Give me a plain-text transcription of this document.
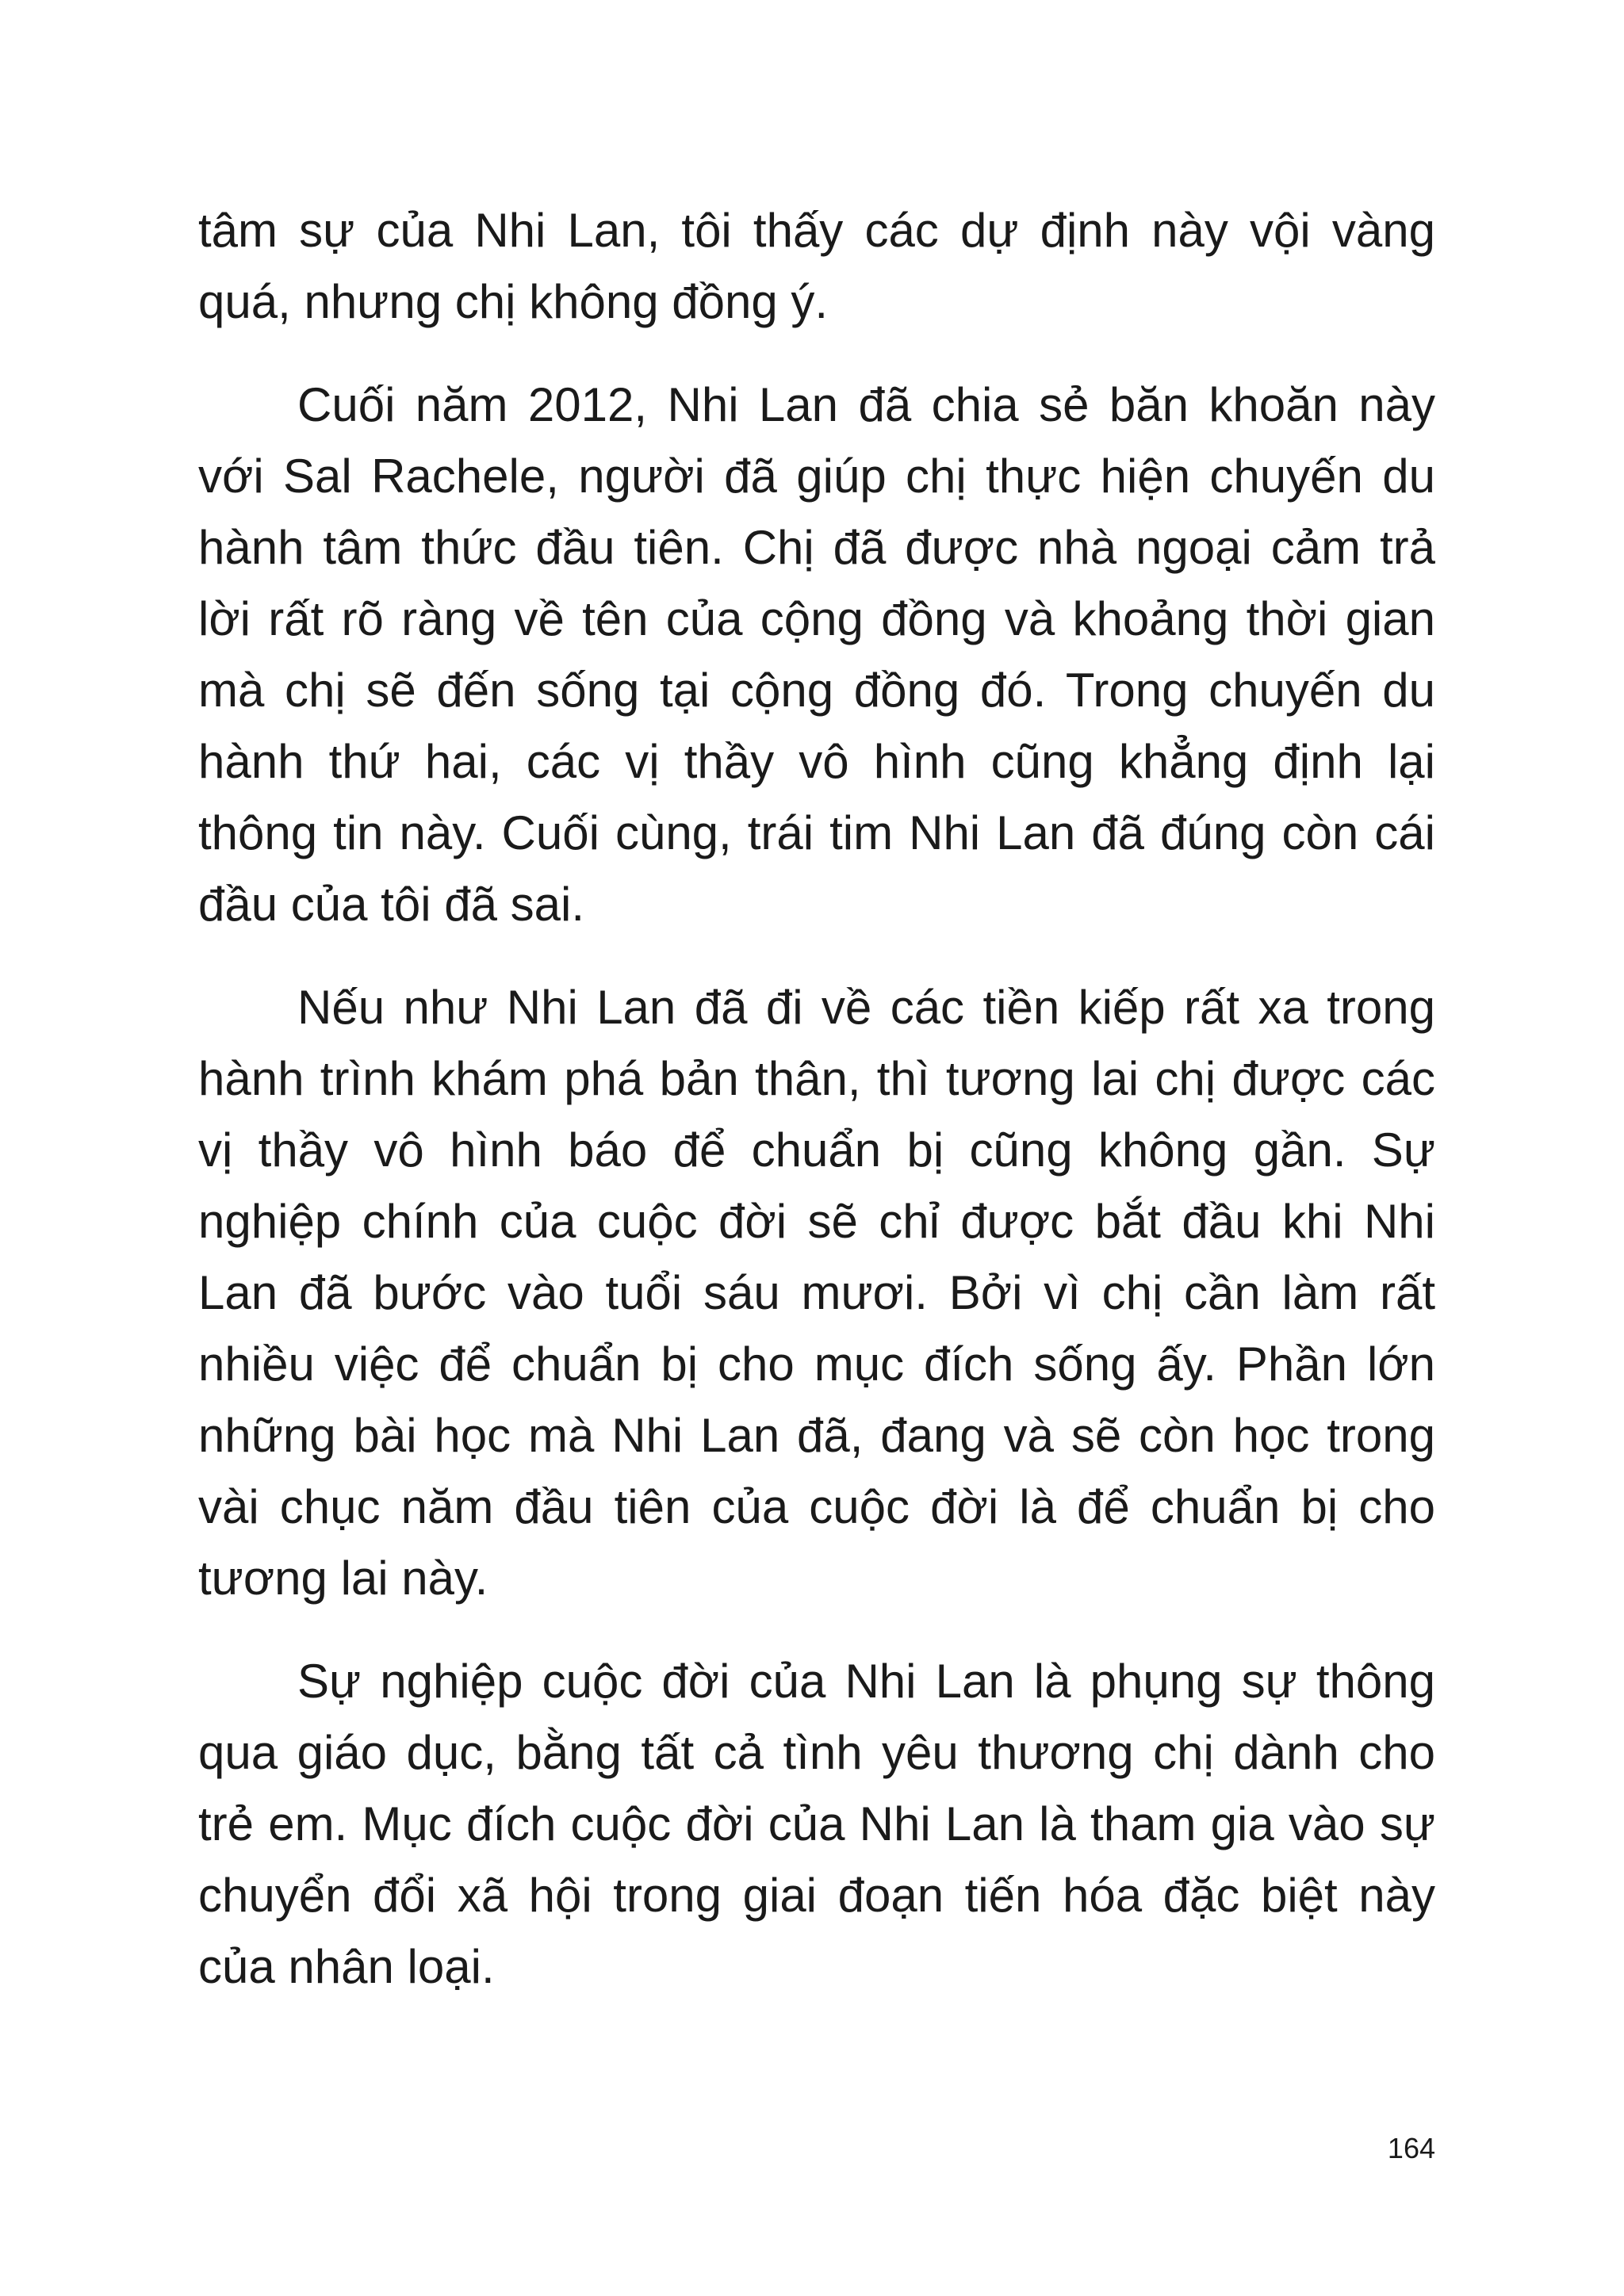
tâm sự của Nhi Lan, tôi thấy các dự định này vội vàng quá, nhưng chị không đồng ý.

Cuối năm 2012, Nhi Lan đã chia sẻ băn khoăn này với Sal Rachele, người đã giúp chị thực hiện chuyến du hành tâm thức đầu tiên. Chị đã được nhà ngoại cảm trả lời rất rõ ràng về tên của cộng đồng và khoảng thời gian mà chị sẽ đến sống tại cộng đồng đó. Trong chuyến du hành thứ hai, các vị thầy vô hình cũng khẳng định lại thông tin này. Cuối cùng, trái tim Nhi Lan đã đúng còn cái đầu của tôi đã sai.

Nếu như Nhi Lan đã đi về các tiền kiếp rất xa trong hành trình khám phá bản thân, thì tương lai chị được các vị thầy vô hình báo để chuẩn bị cũng không gần. Sự nghiệp chính của cuộc đời sẽ chỉ được bắt đầu khi Nhi Lan đã bước vào tuổi sáu mươi. Bởi vì chị cần làm rất nhiều việc để chuẩn bị cho mục đích sống ấy. Phần lớn những bài học mà Nhi Lan đã, đang và sẽ còn học trong vài chục năm đầu tiên của cuộc đời là để chuẩn bị cho tương lai này.

Sự nghiệp cuộc đời của Nhi Lan là phụng sự thông qua giáo dục, bằng tất cả tình yêu thương chị dành cho trẻ em. Mục đích cuộc đời của Nhi Lan là tham gia vào sự chuyển đổi xã hội trong giai đoạn tiến hóa đặc biệt này của nhân loại.

164
